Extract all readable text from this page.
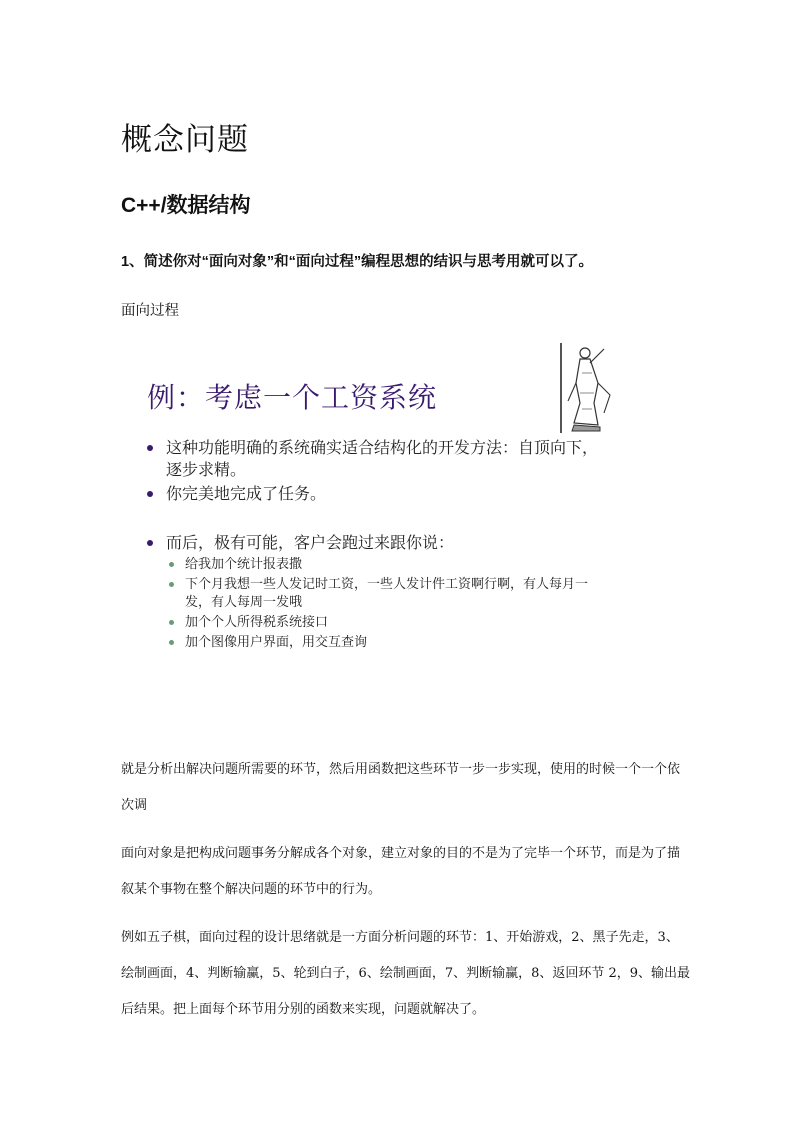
概念问题
C++/数据结构
1、简述你对“面向对象”和“面向过程”编程思想的结识与思考用就可以了。
面向过程
例：考虑一个工资系统
这种功能明确的系统确实适合结构化的开发方法：自顶向下，逐步求精。
你完美地完成了任务。
而后，极有可能，客户会跑过来跟你说：
给我加个统计报表撒
下个月我想一些人发记时工资，一些人发计件工资啊行啊，有人每月一发，有人每周一发哦
加个个人所得税系统接口
加个图像用户界面，用交互查询
就是分析出解决问题所需要的环节，然后用函数把这些环节一步一步实现，使用的时候一个一个依次调
面向对象是把构成问题事务分解成各个对象，建立对象的目的不是为了完毕一个环节，而是为了描叙某个事物在整个解决问题的环节中的行为。
例如五子棋，面向过程的设计思绪就是一方面分析问题的环节：1、开始游戏，2、黑子先走，3、绘制画面，4、判断输赢，5、轮到白子，6、绘制画面，7、判断输赢，8、返回环节 2，9、输出最后结果。把上面每个环节用分别的函数来实现，问题就解决了。
